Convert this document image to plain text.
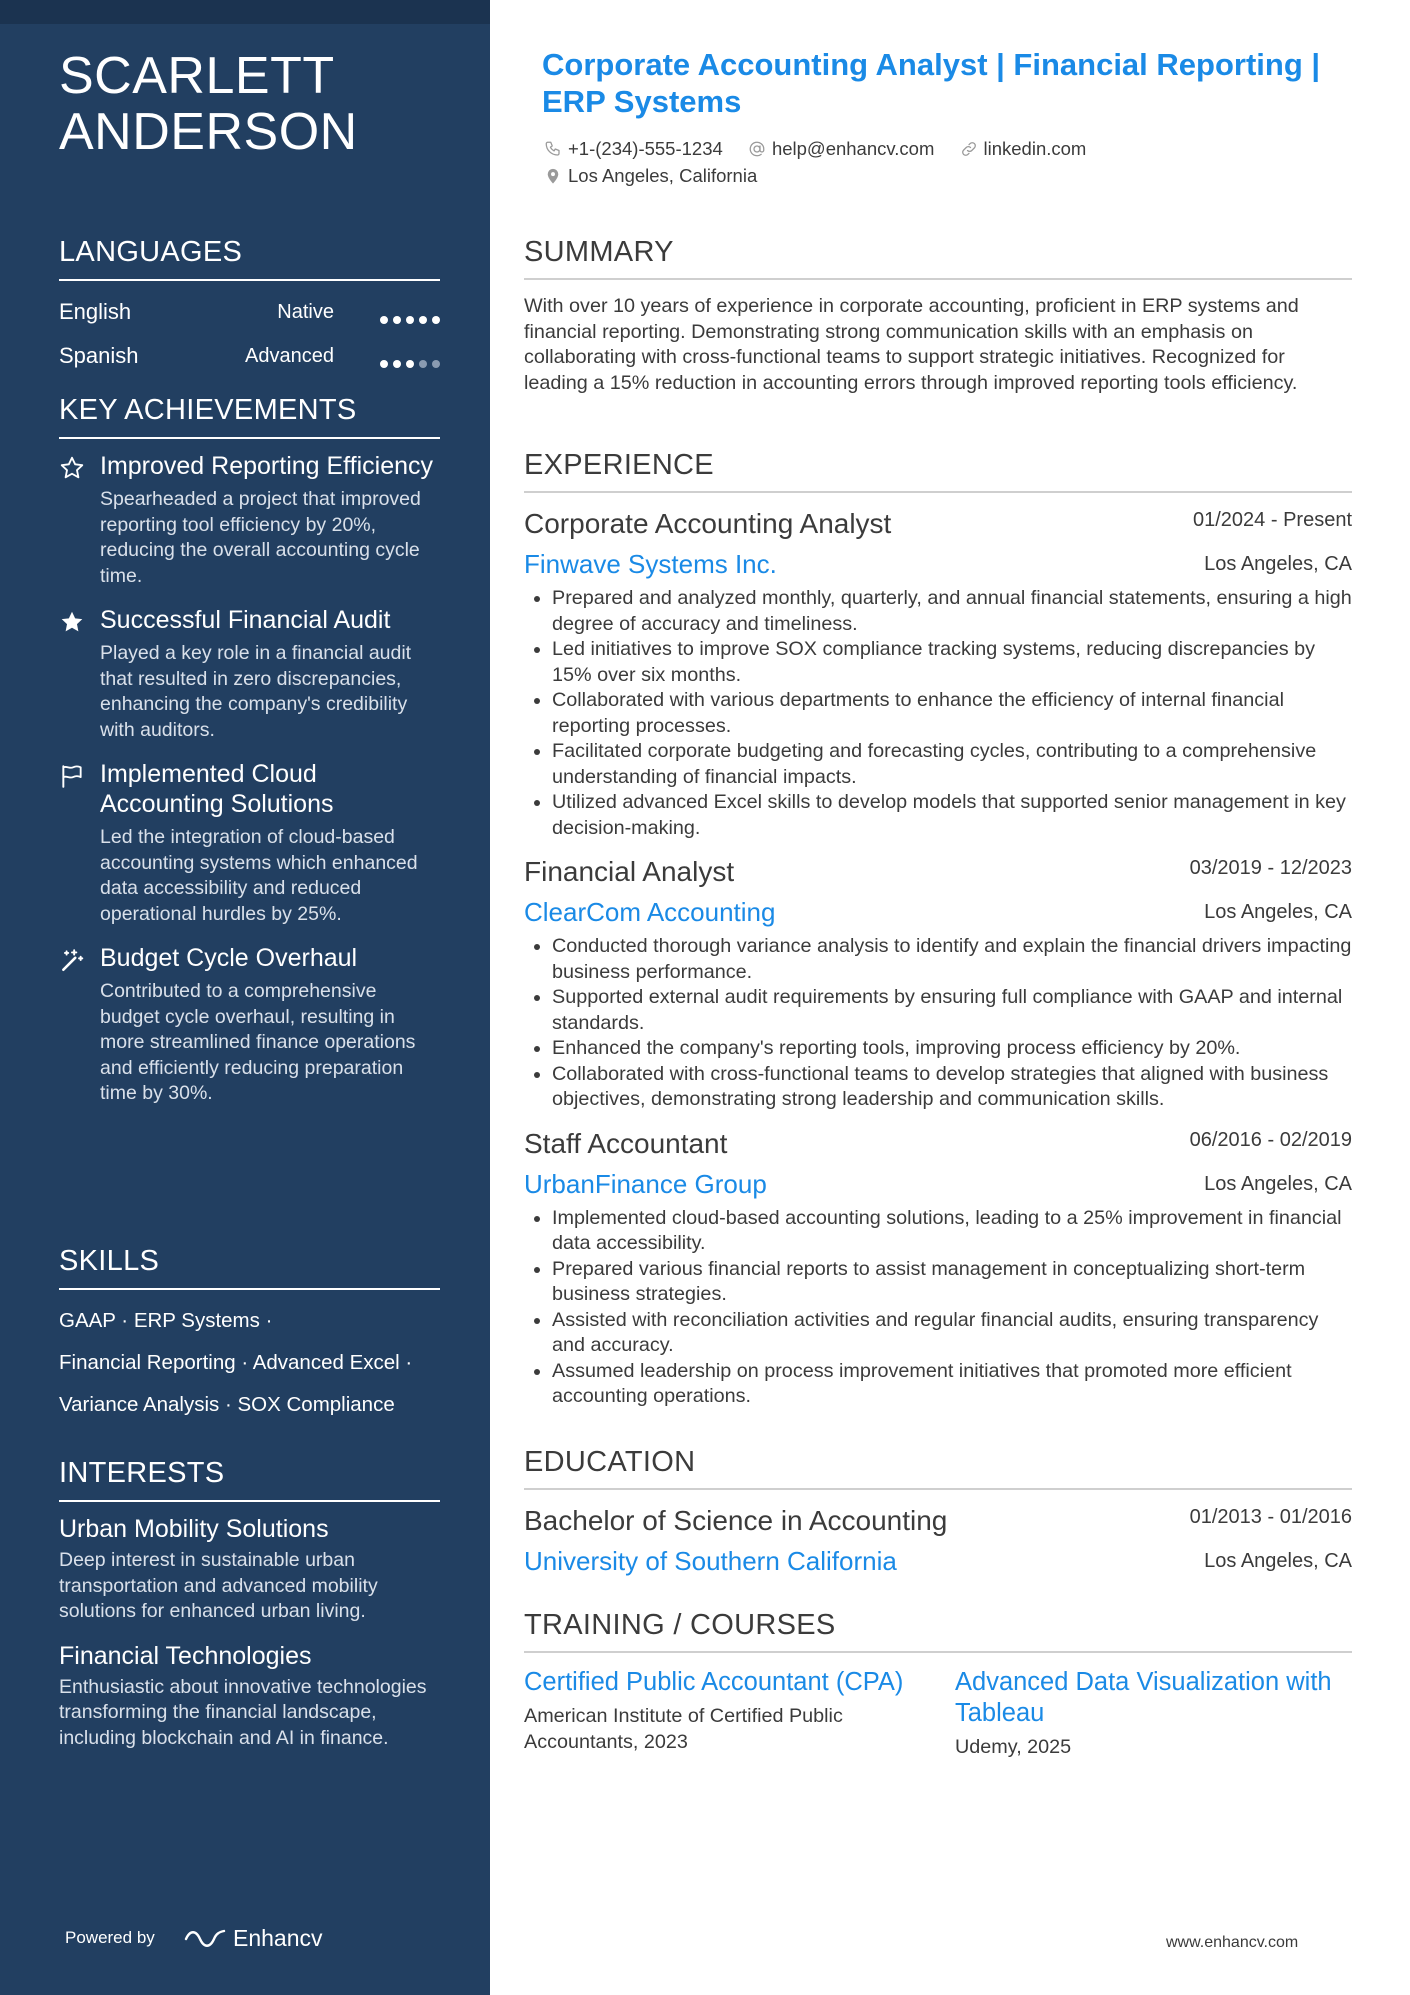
SCARLETT
ANDERSON
LANGUAGES
English	Native
Spanish	Advanced
KEY ACHIEVEMENTS

Improved Reporting Efficiency

Spearheaded a project that improved reporting tool efficiency by 20%, reducing the overall accounting cycle time.

Successful Financial Audit

Played a key role in a financial audit that resulted in zero discrepancies, enhancing the company's credibility with auditors.

Implemented Cloud Accounting Solutions

Led the integration of cloud-based accounting systems which enhanced data accessibility and reduced operational hurdles by 25%.

Budget Cycle Overhaul

Contributed to a comprehensive budget cycle overhaul, resulting in more streamlined finance operations and efficiently reducing preparation time by 30%.
SKILLS
GAAP · ERP Systems ·
Financial Reporting · Advanced Excel ·
Variance Analysis · SOX Compliance
INTERESTS

Urban Mobility Solutions

Deep interest in sustainable urban transportation and advanced mobility solutions for enhanced urban living.

Financial Technologies

Enthusiastic about innovative technologies transforming the financial landscape, including blockchain and AI in finance.
Powered by	Enhancv
Corporate Accounting Analyst | Financial Reporting | ERP Systems
+1-(234)-555-1234	help@enhancv.com	linkedin.com
Los Angeles, California
SUMMARY
With over 10 years of experience in corporate accounting, proficient in ERP systems and financial reporting. Demonstrating strong communication skills with an emphasis on collaborating with cross-functional teams to support strategic initiatives. Recognized for leading a 15% reduction in accounting errors through improved reporting tools efficiency.
EXPERIENCE

Corporate Accounting Analyst	01/2024 - Present
Finwave Systems Inc.	Los Angeles, CA
• Prepared and analyzed monthly, quarterly, and annual financial statements, ensuring a high degree of accuracy and timeliness.
• Led initiatives to improve SOX compliance tracking systems, reducing discrepancies by 15% over six months.
• Collaborated with various departments to enhance the efficiency of internal financial reporting processes.
• Facilitated corporate budgeting and forecasting cycles, contributing to a comprehensive understanding of financial impacts.
• Utilized advanced Excel skills to develop models that supported senior management in key decision-making.

Financial Analyst	03/2019 - 12/2023
ClearCom Accounting	Los Angeles, CA
• Conducted thorough variance analysis to identify and explain the financial drivers impacting business performance.
• Supported external audit requirements by ensuring full compliance with GAAP and internal standards.
• Enhanced the company's reporting tools, improving process efficiency by 20%.
• Collaborated with cross-functional teams to develop strategies that aligned with business objectives, demonstrating strong leadership and communication skills.

Staff Accountant	06/2016 - 02/2019
UrbanFinance Group	Los Angeles, CA
• Implemented cloud-based accounting solutions, leading to a 25% improvement in financial data accessibility.
• Prepared various financial reports to assist management in conceptualizing short-term business strategies.
• Assisted with reconciliation activities and regular financial audits, ensuring transparency and accuracy.
• Assumed leadership on process improvement initiatives that promoted more efficient accounting operations.
EDUCATION

Bachelor of Science in Accounting	01/2013 - 01/2016
University of Southern California	Los Angeles, CA
TRAINING / COURSES

Certified Public Accountant (CPA)

American Institute of Certified Public Accountants, 2023

Advanced Data Visualization with Tableau

Udemy, 2025
www.enhancv.com
